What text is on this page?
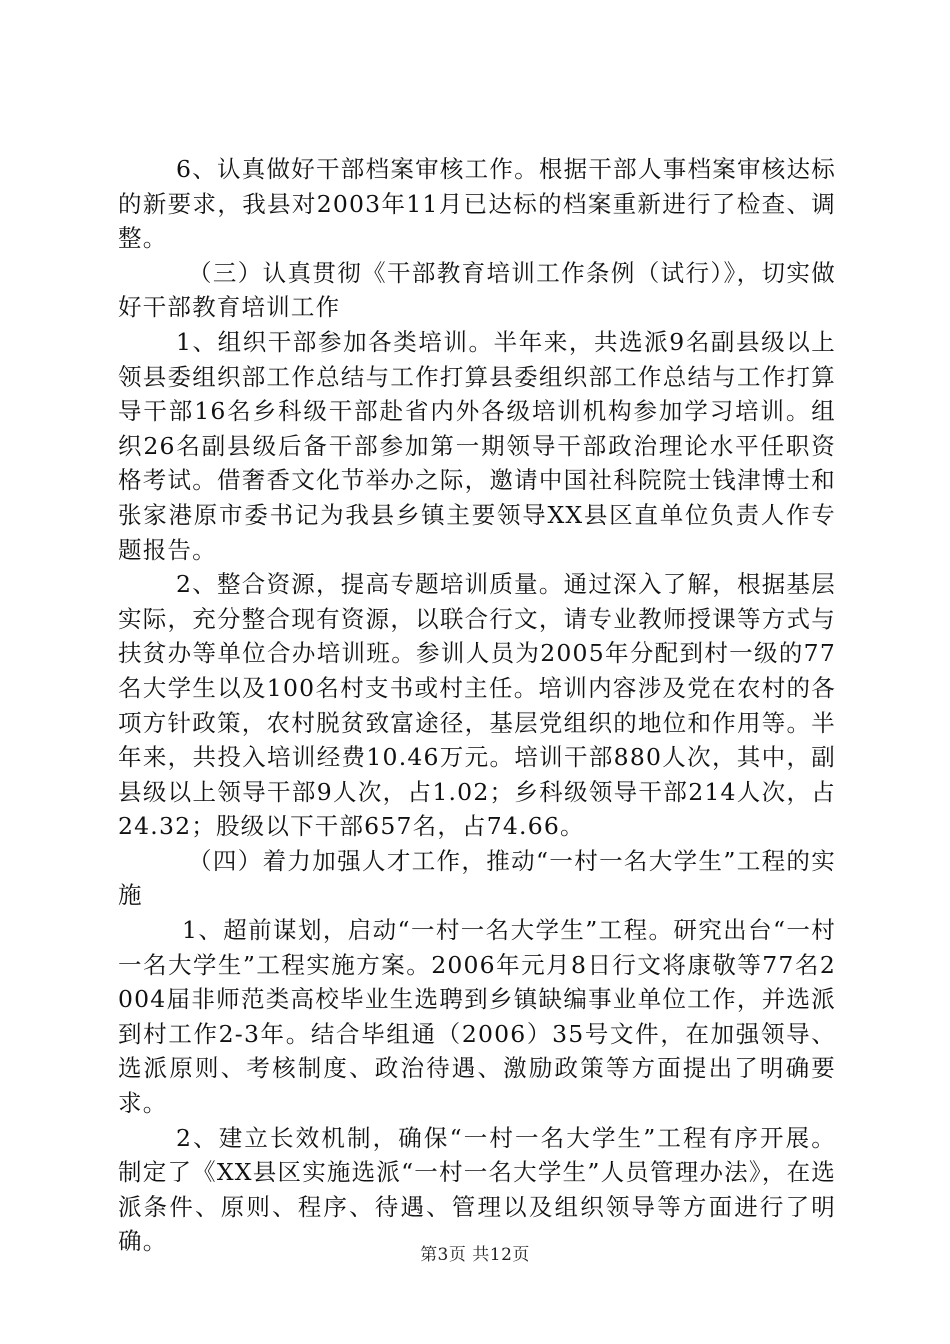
6、认真做好干部档案审核工作。根据干部人事档案审核达标的新要求，我县对2003年11月已达标的档案重新进行了检查、调整。

（三）认真贯彻《干部教育培训工作条例（试行）》，切实做好干部教育培训工作

1、组织干部参加各类培训。半年来，共选派9名副县级以上领县委组织部工作总结与工作打算县委组织部工作总结与工作打算导干部16名乡科级干部赴省内外各级培训机构参加学习培训。组织26名副县级后备干部参加第一期领导干部政治理论水平任职资格考试。借奢香文化节举办之际，邀请中国社科院院士钱津博士和张家港原市委书记为我县乡镇主要领导XX县区直单位负责人作专题报告。

2、整合资源，提高专题培训质量。通过深入了解，根据基层实际，充分整合现有资源，以联合行文，请专业教师授课等方式与扶贫办等单位合办培训班。参训人员为2005年分配到村一级的77名大学生以及100名村支书或村主任。培训内容涉及党在农村的各项方针政策，农村脱贫致富途径，基层党组织的地位和作用等。半年来，共投入培训经费10.46万元。培训干部880人次，其中，副县级以上领导干部9人次，占1.02；乡科级领导干部214人次，占24.32；股级以下干部657名，占74.66。

（四）着力加强人才工作，推动“一村一名大学生”工程的实施

1、超前谋划，启动“一村一名大学生”工程。研究出台“一村一名大学生”工程实施方案。2006年元月8日行文将康敬等77名2004届非师范类高校毕业生选聘到乡镇缺编事业单位工作，并选派到村工作2-3年。结合毕组通（2006）35号文件，在加强领导、选派原则、考核制度、政治待遇、激励政策等方面提出了明确要求。

2、建立长效机制，确保“一村一名大学生”工程有序开展。制定了《XX县区实施选派“一村一名大学生”人员管理办法》，在选派条件、原则、程序、待遇、管理以及组织领导等方面进行了明确。	第3页 共12页
